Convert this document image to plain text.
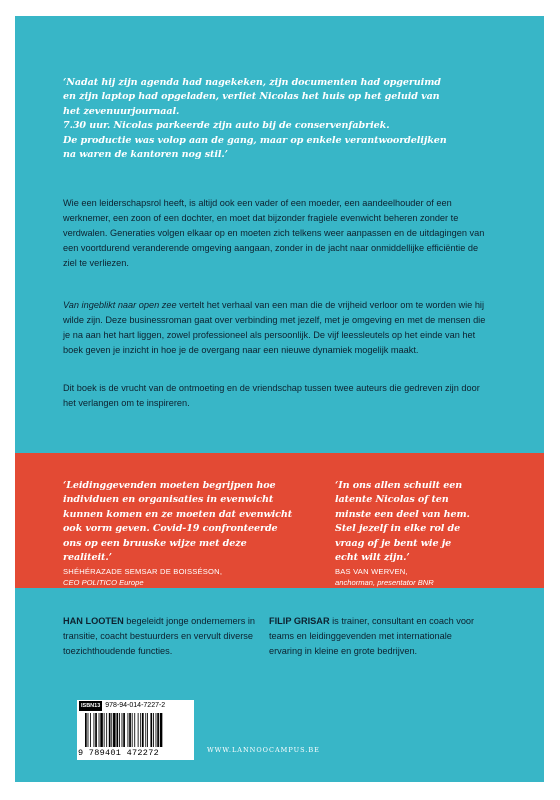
‘Nadat hij zijn agenda had nagekeken, zijn documenten had opgeruimd
en zijn laptop had opgeladen, verliet Nicolas het huis op het geluid van
het zevenuurjournaal.
7.30 uur. Nicolas parkeerde zijn auto bij de conservenfabriek.
De productie was volop aan de gang, maar op enkele verantwoordelijken
na waren de kantoren nog stil.’

Wie een leiderschapsrol heeft, is altijd ook een vader of een moeder, een aandeelhouder of een
werknemer, een zoon of een dochter, en moet dat bijzonder fragiele evenwicht beheren zonder te
verdwalen. Generaties volgen elkaar op en moeten zich telkens weer aanpassen en de uitdagingen van
een voortdurend veranderende omgeving aangaan, zonder in de jacht naar onmiddellijke efficiëntie de
ziel te verliezen.

Van ingeblikt naar open zee vertelt het verhaal van een man die de vrijheid verloor om te worden wie hij
wilde zijn. Deze businessroman gaat over verbinding met jezelf, met je omgeving en met de mensen die
je na aan het hart liggen, zowel professioneel als persoonlijk. De vijf leessleutels op het einde van het
boek geven je inzicht in hoe je de overgang naar een nieuwe dynamiek mogelijk maakt.

Dit boek is de vrucht van de ontmoeting en de vriendschap tussen twee auteurs die gedreven zijn door
het verlangen om te inspireren.

‘Leidinggevenden moeten begrijpen hoe
individuen en organisaties in evenwicht
kunnen komen en ze moeten dat evenwicht
ook vorm geven. Covid-19 confronteerde
ons op een bruuske wijze met deze
realiteit.’

SHÉHÉRAZADE SEMSAR DE BOISSÉSON,
CEO POLITICO Europe

‘In ons allen schuilt een
latente Nicolas of ten
minste een deel van hem.
Stel jezelf in elke rol de
vraag of je bent wie je
echt wilt zijn.’

BAS VAN WERVEN,
anchorman, presentator BNR

HAN LOOTEN begeleidt jonge ondernemers in
transitie, coacht bestuurders en vervult diverse
toezichthoudende functies.

FILIP GRISAR is trainer, consultant en coach voor
teams en leidinggevenden met internationale
ervaring in kleine en grote bedrijven.

ISBN13 978-94-014-7227-2
9 789401 472272	WWW.LANNOOCAMPUS.BE
